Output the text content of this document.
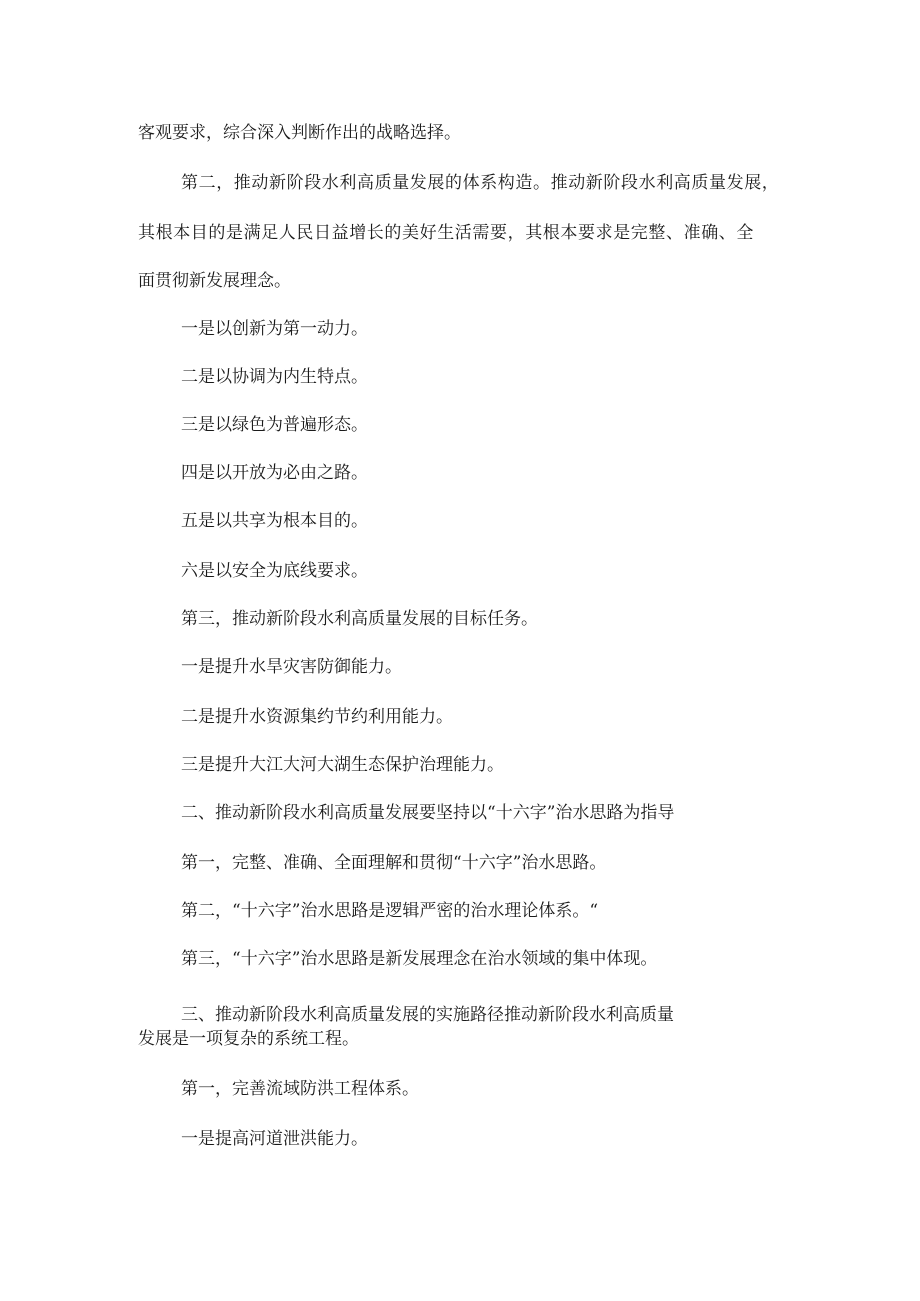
客观要求，综合深入判断作出的战略选择。
第二，推动新阶段水利高质量发展的体系构造。推动新阶段水利高质量发展，
其根本目的是满足人民日益增长的美好生活需要，其根本要求是完整、准确、全
面贯彻新发展理念。
一是以创新为第一动力。
二是以协调为内生特点。
三是以绿色为普遍形态。
四是以开放为必由之路。
五是以共享为根本目的。
六是以安全为底线要求。
第三，推动新阶段水利高质量发展的目标任务。
一是提升水旱灾害防御能力。
二是提升水资源集约节约利用能力。
三是提升大江大河大湖生态保护治理能力。
二、推动新阶段水利高质量发展要坚持以“十六字”治水思路为指导
第一，完整、准确、全面理解和贯彻“十六字”治水思路。
第二，“十六字”治水思路是逻辑严密的治水理论体系。“
第三，“十六字”治水思路是新发展理念在治水领域的集中体现。
三、推动新阶段水利高质量发展的实施路径推动新阶段水利高质量
发展是一项复杂的系统工程。
第一，完善流域防洪工程体系。
一是提高河道泄洪能力。
